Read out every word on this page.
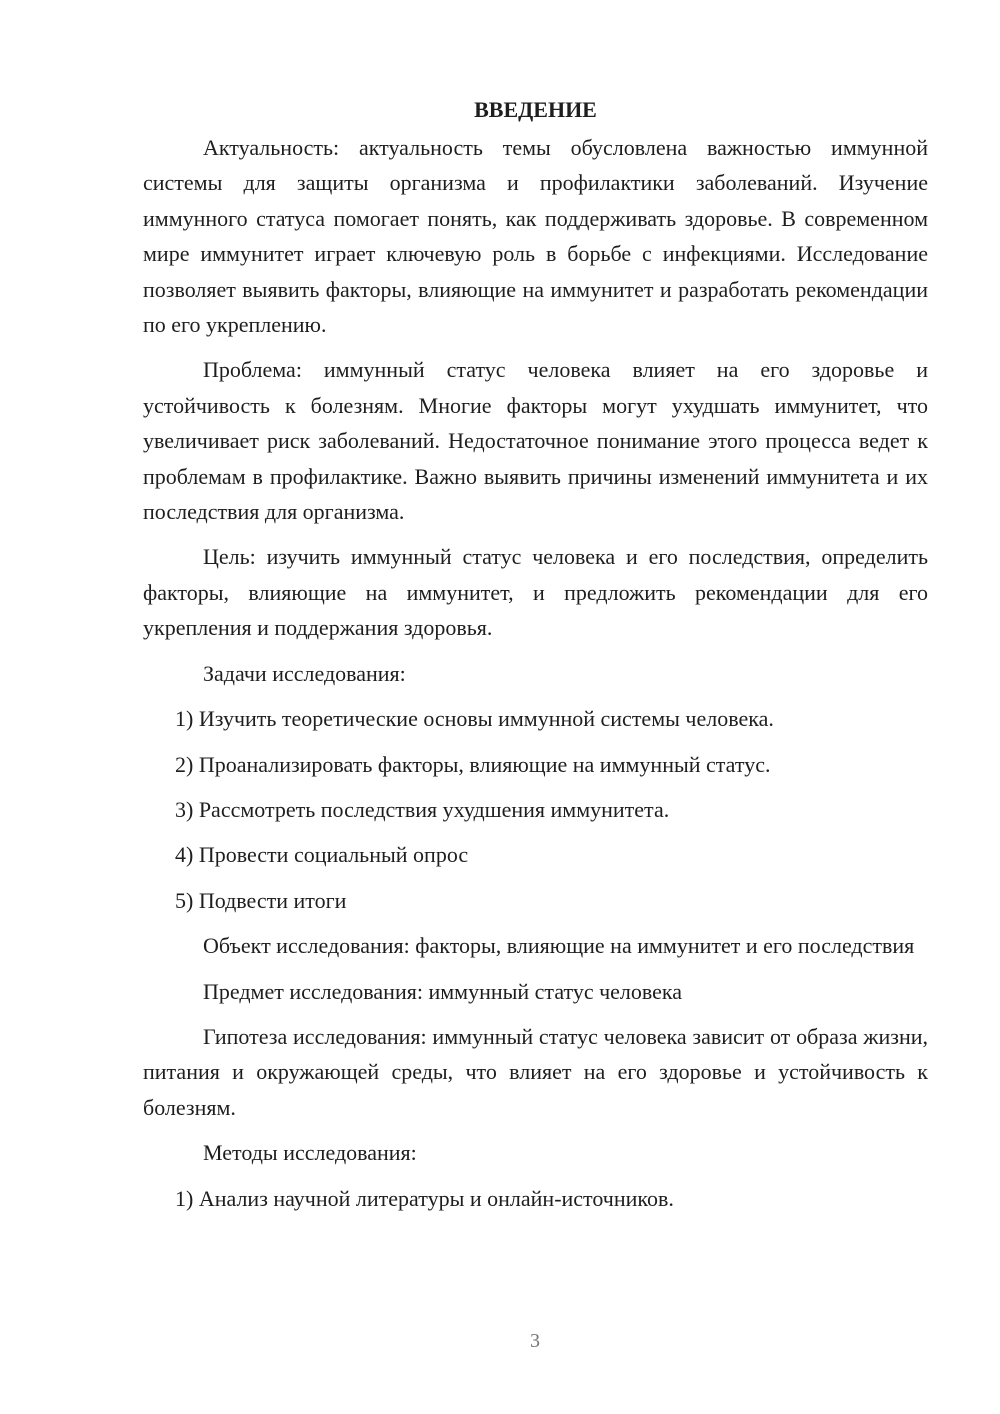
ВВЕДЕНИЕ

Актуальность: актуальность темы обусловлена важностью иммунной системы для защиты организма и профилактики заболеваний. Изучение иммунного статуса помогает понять, как поддерживать здоровье. В современном мире иммунитет играет ключевую роль в борьбе с инфекциями. Исследование позволяет выявить факторы, влияющие на иммунитет и разработать рекомендации по его укреплению.

Проблема: иммунный статус человека влияет на его здоровье и устойчивость к болезням. Многие факторы могут ухудшать иммунитет, что увеличивает риск заболеваний. Недостаточное понимание этого процесса ведет к проблемам в профилактике. Важно выявить причины изменений иммунитета и их последствия для организма.

Цель: изучить иммунный статус человека и его последствия, определить факторы, влияющие на иммунитет, и предложить рекомендации для его укрепления и поддержания здоровья.

Задачи исследования:

1) Изучить теоретические основы иммунной системы человека.
2) Проанализировать факторы, влияющие на иммунный статус.
3) Рассмотреть последствия ухудшения иммунитета.
4) Провести социальный опрос
5) Подвести итоги

Объект исследования: факторы, влияющие на иммунитет и его последствия

Предмет исследования: иммунный статус человека

Гипотеза исследования: иммунный статус человека зависит от образа жизни, питания и окружающей среды, что влияет на его здоровье и устойчивость к болезням.

Методы исследования:

1) Анализ научной литературы и онлайн-источников.
3
